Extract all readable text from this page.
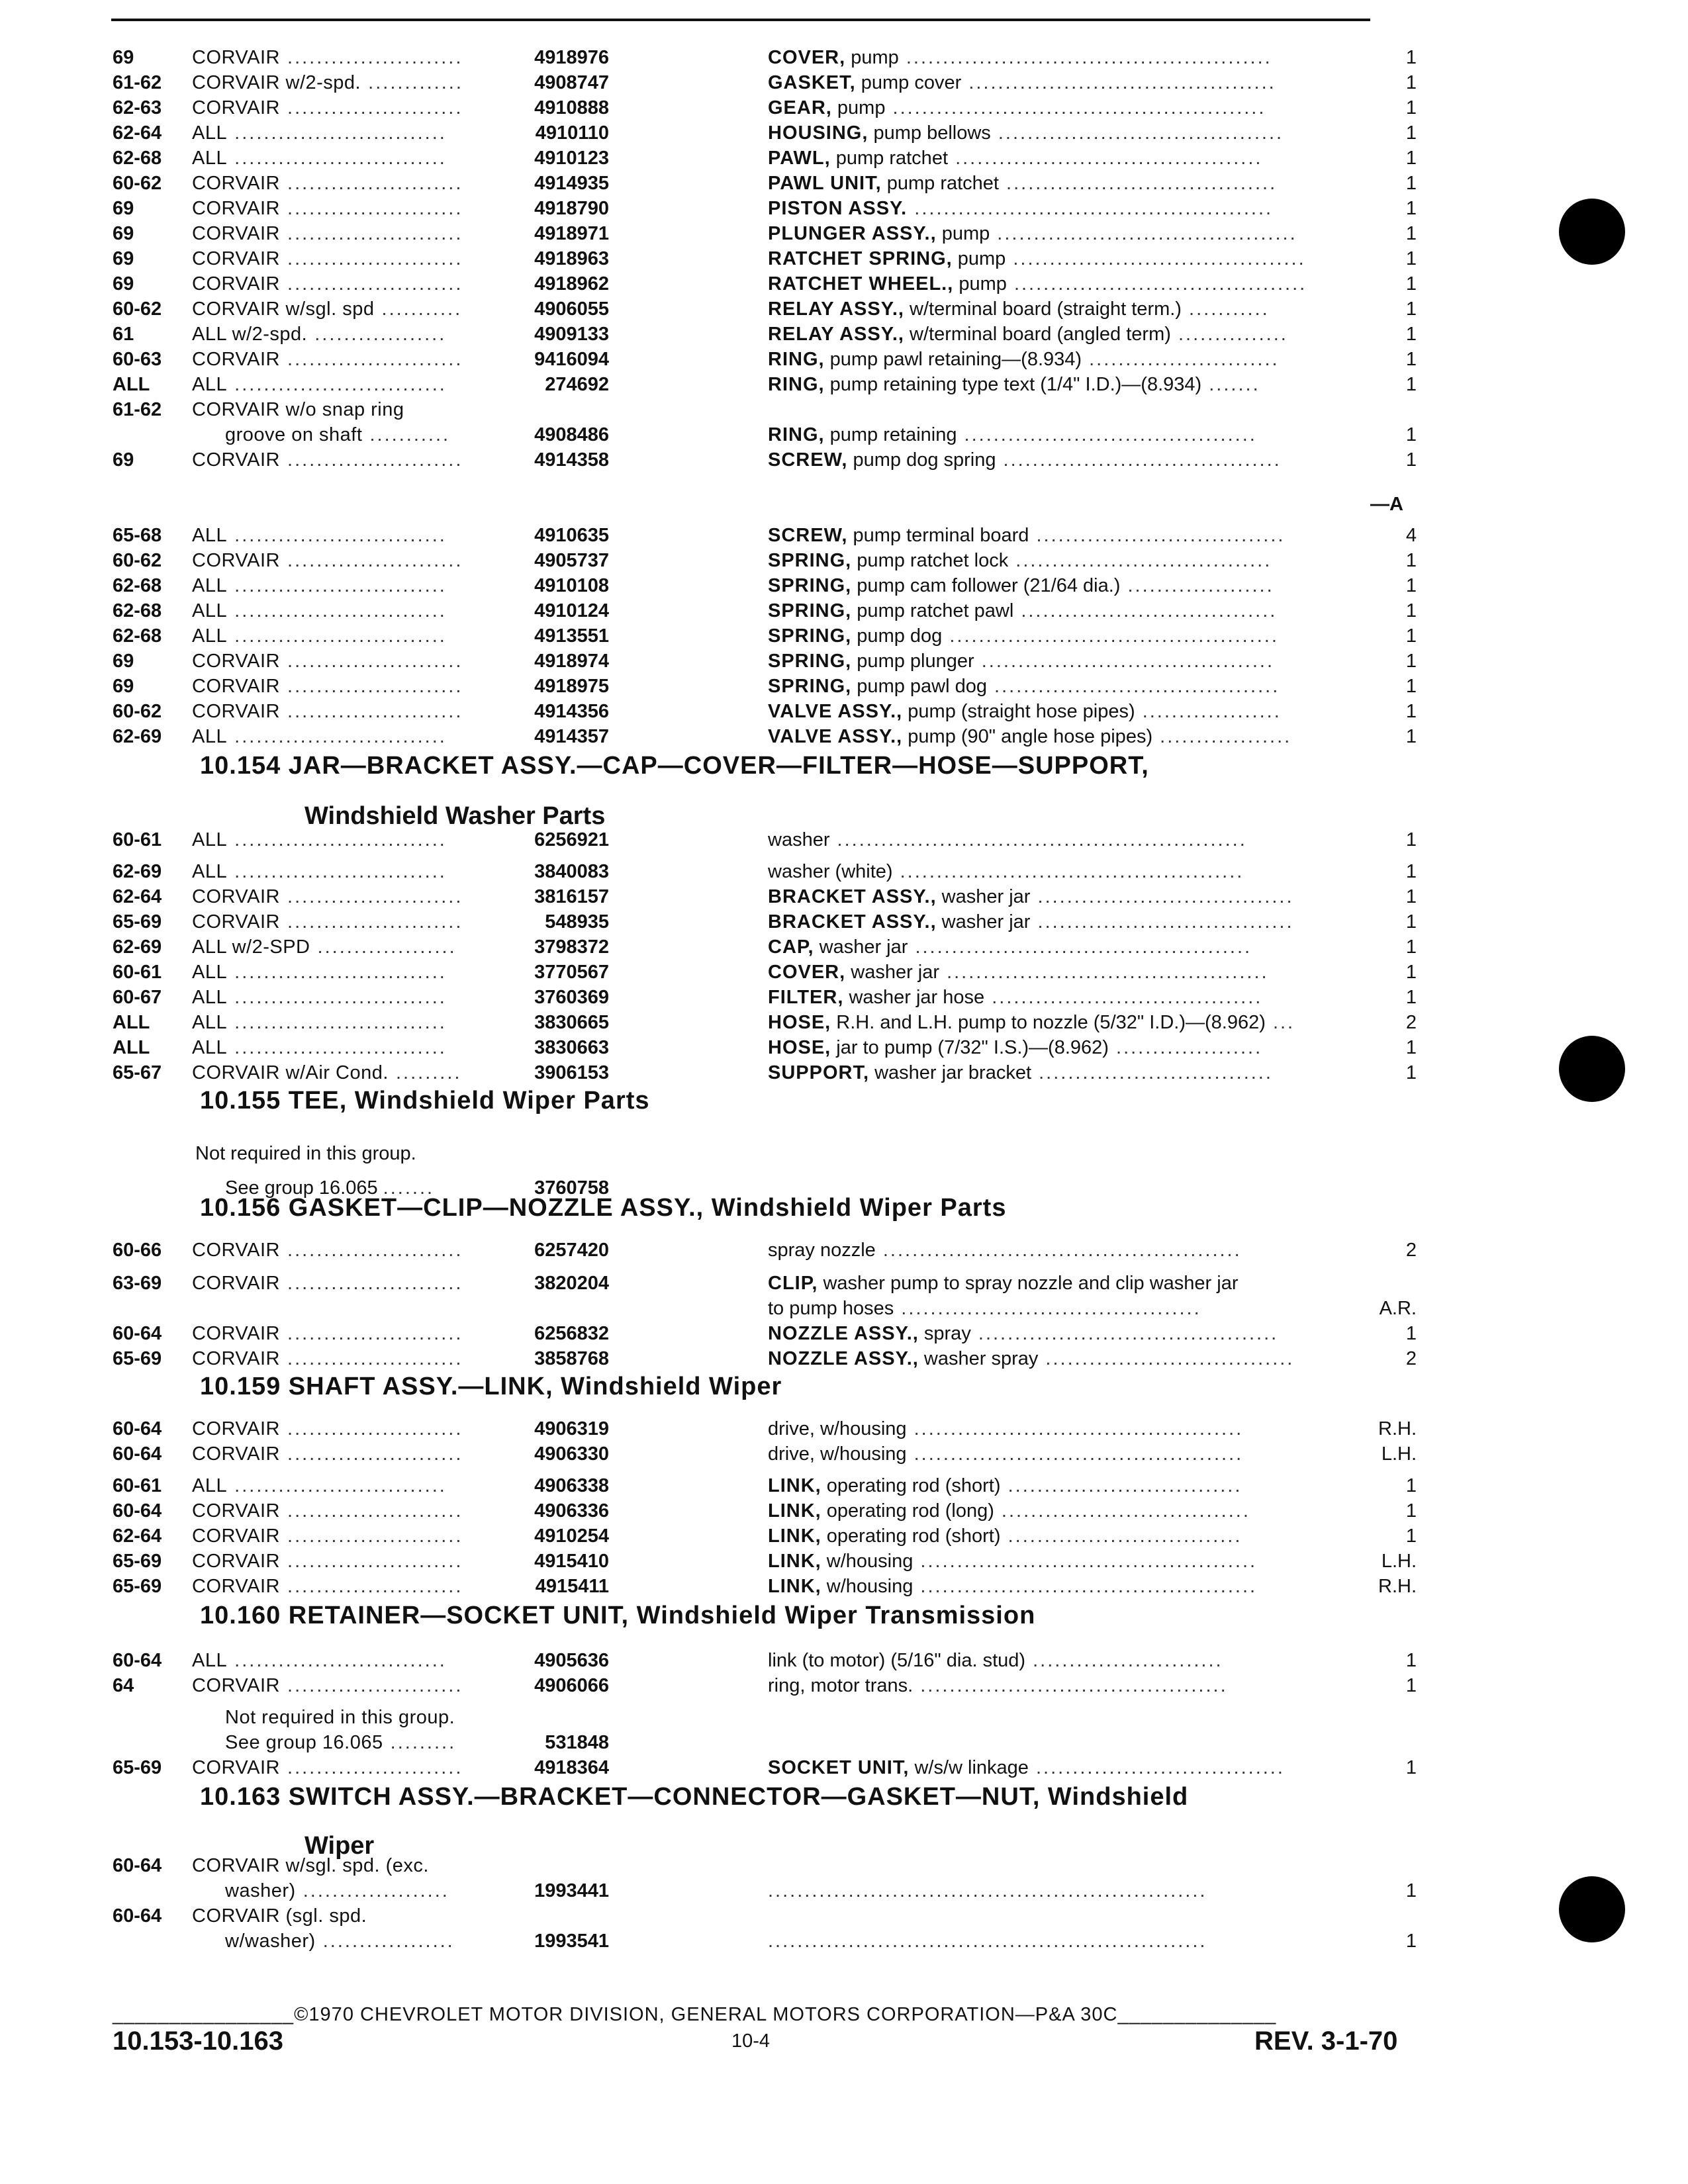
69	CORVAIR ........................	4918976	COVER, pump ..................................................	1
61-62 CORVAIR w/2-spd. .............	4908747	GASKET, pump cover ..........................................	1
62-63 CORVAIR ........................	4910888	GEAR, pump ...................................................	1
62-64 ALL .............................	4910110	HOUSING, pump bellows .......................................	1
62-68 ALL .............................	4910123	PAWL, pump ratchet ..........................................	1
60-62 CORVAIR ........................	4914935	PAWL UNIT, pump ratchet .....................................	1
69	CORVAIR ........................	4918790	PISTON ASSY. .................................................	1
69	CORVAIR ........................	4918971	PLUNGER ASSY., pump .........................................	1
69	CORVAIR ........................	4918963	RATCHET SPRING, pump ........................................	1
69	CORVAIR ........................	4918962	RATCHET WHEEL., pump ........................................	1
60-62 CORVAIR w/sgl. spd ...........	4906055	RELAY ASSY., w/terminal board (straight term.) ...........	1
61	ALL w/2-spd. ..................	4909133	RELAY ASSY., w/terminal board (angled term) ...............	1
60-63 CORVAIR ........................	9416094	RING, pump pawl retaining—(8.934) ..........................	1
ALL ALL .............................	274692	RING, pump retaining type text (1/4" I.D.)—(8.934) .......	1
61-62 CORVAIR w/o snap ring
groove on shaft ...........	4908486	RING, pump retaining ........................................	1
69	CORVAIR ........................	4914358	SCREW, pump dog spring ......................................	1
—A
65-68 ALL .............................	4910635	SCREW, pump terminal board ..................................	4
60-62 CORVAIR ........................	4905737	SPRING, pump ratchet lock ...................................	1
62-68 ALL .............................	4910108	SPRING, pump cam follower (21/64 dia.) ....................	1
62-68 ALL .............................	4910124	SPRING, pump ratchet pawl ...................................	1
62-68 ALL .............................	4913551	SPRING, pump dog .............................................	1
69	CORVAIR ........................	4918974	SPRING, pump plunger ........................................	1
69	CORVAIR ........................	4918975	SPRING, pump pawl dog .......................................	1
60-62 CORVAIR ........................	4914356	VALVE ASSY., pump (straight hose pipes) ...................	1
62-69 ALL .............................	4914357	VALVE ASSY., pump (90" angle hose pipes) ..................	1
10.154 JAR—BRACKET ASSY.—CAP—COVER—FILTER—HOSE—SUPPORT,
Windshield Washer Parts
60-61 ALL .............................	6256921	washer ........................................................	1
62-69 ALL .............................	3840083	washer (white) ...............................................	1
62-64 CORVAIR ........................	3816157	BRACKET ASSY., washer jar ...................................	1
65-69 CORVAIR ........................	548935	BRACKET ASSY., washer jar ...................................	1
62-69 ALL w/2-SPD ...................	3798372	CAP, washer jar ..............................................	1
60-61 ALL .............................	3770567	COVER, washer jar ............................................	1
60-67 ALL .............................	3760369	FILTER, washer jar hose .....................................	1
ALL ALL .............................	3830665	HOSE, R.H. and L.H. pump to nozzle (5/32" I.D.)—(8.962) ...	2
ALL ALL .............................	3830663	HOSE, jar to pump (7/32" I.S.)—(8.962) ....................	1
65-67 CORVAIR w/Air Cond. .........	3906153	SUPPORT, washer jar bracket ................................	1
10.155 TEE, Windshield Wiper Parts
Not required in this group.
See group 16.065 .......	3760758
10.156 GASKET—CLIP—NOZZLE ASSY., Windshield Wiper Parts
60-66 CORVAIR ........................	6257420	spray nozzle .................................................	2
63-69 CORVAIR ........................	3820204	CLIP, washer pump to spray nozzle and clip washer jar
to pump hoses .........................................	A.R.
60-64 CORVAIR ........................	6256832	NOZZLE ASSY., spray .........................................	1
65-69 CORVAIR ........................	3858768	NOZZLE ASSY., washer spray ..................................	2
10.159 SHAFT ASSY.—LINK, Windshield Wiper
60-64 CORVAIR ........................	4906319	drive, w/housing .............................................	R.H.
60-64 CORVAIR ........................	4906330	drive, w/housing .............................................	L.H.
60-61 ALL .............................	4906338	LINK, operating rod (short) ................................	1
60-64 CORVAIR ........................	4906336	LINK, operating rod (long) ..................................	1
62-64 CORVAIR ........................	4910254	LINK, operating rod (short) ................................	1
65-69 CORVAIR ........................	4915410	LINK, w/housing ..............................................	L.H.
65-69 CORVAIR ........................	4915411	LINK, w/housing ..............................................	R.H.
10.160 RETAINER—SOCKET UNIT, Windshield Wiper Transmission
60-64 ALL .............................	4905636	link (to motor) (5/16" dia. stud) ..........................	1
64	CORVAIR ........................	4906066	ring, motor trans. ..........................................	1
Not required in this group.
See group 16.065 .........	531848
65-69 CORVAIR ........................	4918364	SOCKET UNIT, w/s/w linkage ..................................	1
10.163 SWITCH ASSY.—BRACKET—CONNECTOR—GASKET—NUT, Windshield
Wiper
60-64 CORVAIR w/sgl. spd. (exc.
washer) ....................	1993441	............................................................	1
60-64 CORVAIR (sgl. spd.
w/washer) ..................	1993541	............................................................	1
________________©1970 CHEVROLET MOTOR DIVISION, GENERAL MOTORS CORPORATION—P&A 30C______________
10.153-10.163	10-4	REV. 3-1-70
